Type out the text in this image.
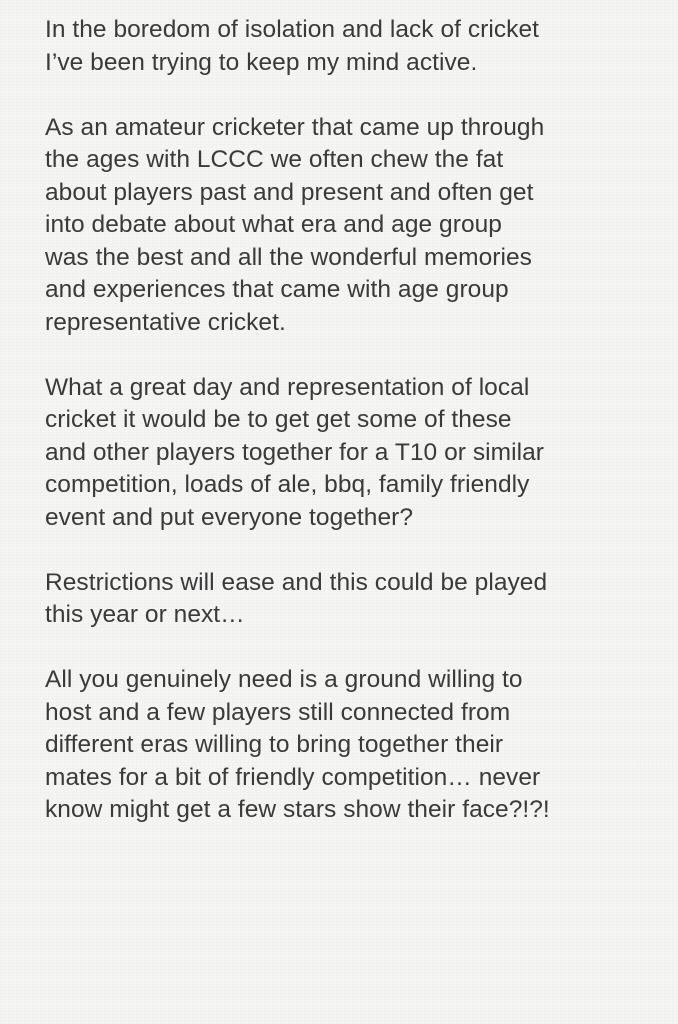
In the boredom of isolation and lack of cricket
I’ve been trying to keep my mind active.

As an amateur cricketer that came up through
the ages with LCCC we often chew the fat
about players past and present and often get
into debate about what era and age group
was the best and all the wonderful memories
and experiences that came with age group
representative cricket.

What a great day and representation of local
cricket it would be to get get some of these
and other players together for a T10 or similar
competition, loads of ale, bbq, family friendly
event and put everyone together?

Restrictions will ease and this could be played
this year or next…

All you genuinely need is a ground willing to
host and a few players still connected from
different eras willing to bring together their
mates for a bit of friendly competition… never
know might get a few stars show their face?!?!
